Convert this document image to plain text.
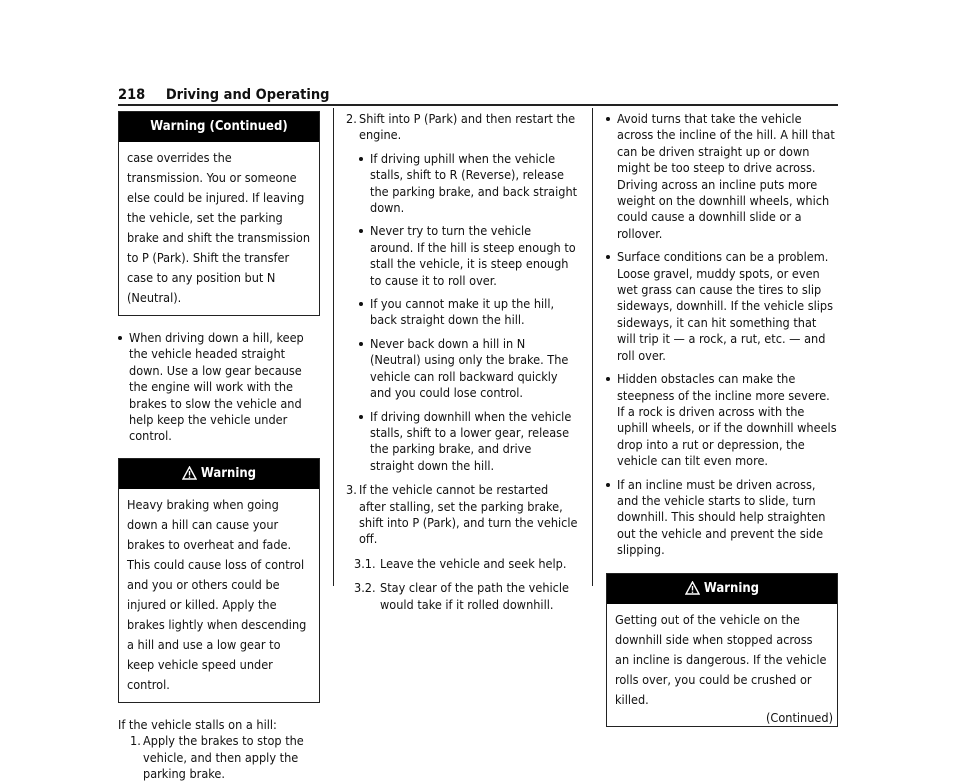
218 Driving and Operating
Warning (Continued)
case overrides the transmission. You or someone else could be injured. If leaving the vehicle, set the parking brake and shift the transmission to P (Park). Shift the transfer case to any position but N (Neutral).
When driving down a hill, keep the vehicle headed straight down. Use a low gear because the engine will work with the brakes to slow the vehicle and help keep the vehicle under control.
Warning
Heavy braking when going down a hill can cause your brakes to overheat and fade. This could cause loss of control and you or others could be injured or killed. Apply the brakes lightly when descending a hill and use a low gear to keep vehicle speed under control.

If the vehicle stalls on a hill:

1. Apply the brakes to stop the vehicle, and then apply the parking brake.
2. Shift into P (Park) and then restart the engine.
If driving uphill when the vehicle stalls, shift to R (Reverse), release the parking brake, and back straight down.
Never try to turn the vehicle around. If the hill is steep enough to stall the vehicle, it is steep enough to cause it to roll over.
If you cannot make it up the hill, back straight down the hill.
Never back down a hill in N (Neutral) using only the brake. The vehicle can roll backward quickly and you could lose control.
If driving downhill when the vehicle stalls, shift to a lower gear, release the parking brake, and drive straight down the hill.
3. If the vehicle cannot be restarted after stalling, set the parking brake, shift into P (Park), and turn the vehicle off.
3.1. Leave the vehicle and seek help.
3.2. Stay clear of the path the vehicle would take if it rolled downhill.
Avoid turns that take the vehicle across the incline of the hill. A hill that can be driven straight up or down might be too steep to drive across. Driving across an incline puts more weight on the downhill wheels, which could cause a downhill slide or a rollover.
Surface conditions can be a problem. Loose gravel, muddy spots, or even wet grass can cause the tires to slip sideways, downhill. If the vehicle slips sideways, it can hit something that will trip it — a rock, a rut, etc. — and roll over.
Hidden obstacles can make the steepness of the incline more severe. If a rock is driven across with the uphill wheels, or if the downhill wheels drop into a rut or depression, the vehicle can tilt even more.
If an incline must be driven across, and the vehicle starts to slide, turn downhill. This should help straighten out the vehicle and prevent the side slipping.
Warning
Getting out of the vehicle on the downhill side when stopped across an incline is dangerous. If the vehicle rolls over, you could be crushed or killed.
(Continued)
